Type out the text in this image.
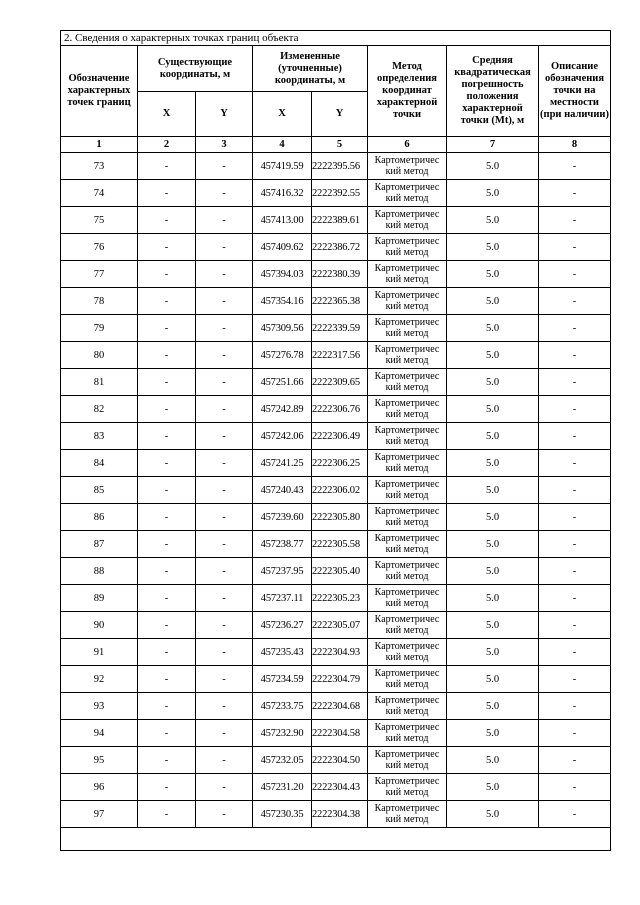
2. Сведения о характерных точках границ объекта							
Обозначение характерных точек границ	Существующие координаты, м		Измененные (уточненные) координаты, м		Метод определения координат характерной точки	Средняя квадратическая погрешность положения характерной точки (Mt), м	Описание обозначения точки на местности (при наличии)
	X	Y	X	Y			
1	2	3	4	5	6	7	8
73	-	-	457419.59	2222395.56	Картометричес кий метод	5.0	-
74	-	-	457416.32	2222392.55	Картометричес кий метод	5.0	-
75	-	-	457413.00	2222389.61	Картометричес кий метод	5.0	-
76	-	-	457409.62	2222386.72	Картометричес кий метод	5.0	-
77	-	-	457394.03	2222380.39	Картометричес кий метод	5.0	-
78	-	-	457354.16	2222365.38	Картометричес кий метод	5.0	-
79	-	-	457309.56	2222339.59	Картометричес кий метод	5.0	-
80	-	-	457276.78	2222317.56	Картометричес кий метод	5.0	-
81	-	-	457251.66	2222309.65	Картометричес кий метод	5.0	-
82	-	-	457242.89	2222306.76	Картометричес кий метод	5.0	-
83	-	-	457242.06	2222306.49	Картометричес кий метод	5.0	-
84	-	-	457241.25	2222306.25	Картометричес кий метод	5.0	-
85	-	-	457240.43	2222306.02	Картометричес кий метод	5.0	-
86	-	-	457239.60	2222305.80	Картометричес кий метод	5.0	-
87	-	-	457238.77	2222305.58	Картометричес кий метод	5.0	-
88	-	-	457237.95	2222305.40	Картометричес кий метод	5.0	-
89	-	-	457237.11	2222305.23	Картометричес кий метод	5.0	-
90	-	-	457236.27	2222305.07	Картометричес кий метод	5.0	-
91	-	-	457235.43	2222304.93	Картометричес кий метод	5.0	-
92	-	-	457234.59	2222304.79	Картометричес кий метод	5.0	-
93	-	-	457233.75	2222304.68	Картометричес кий метод	5.0	-
94	-	-	457232.90	2222304.58	Картометричес кий метод	5.0	-
95	-	-	457232.05	2222304.50	Картометричес кий метод	5.0	-
96	-	-	457231.20	2222304.43	Картометричес кий метод	5.0	-
97	-	-	457230.35	2222304.38	Картометричес кий метод	5.0	-
